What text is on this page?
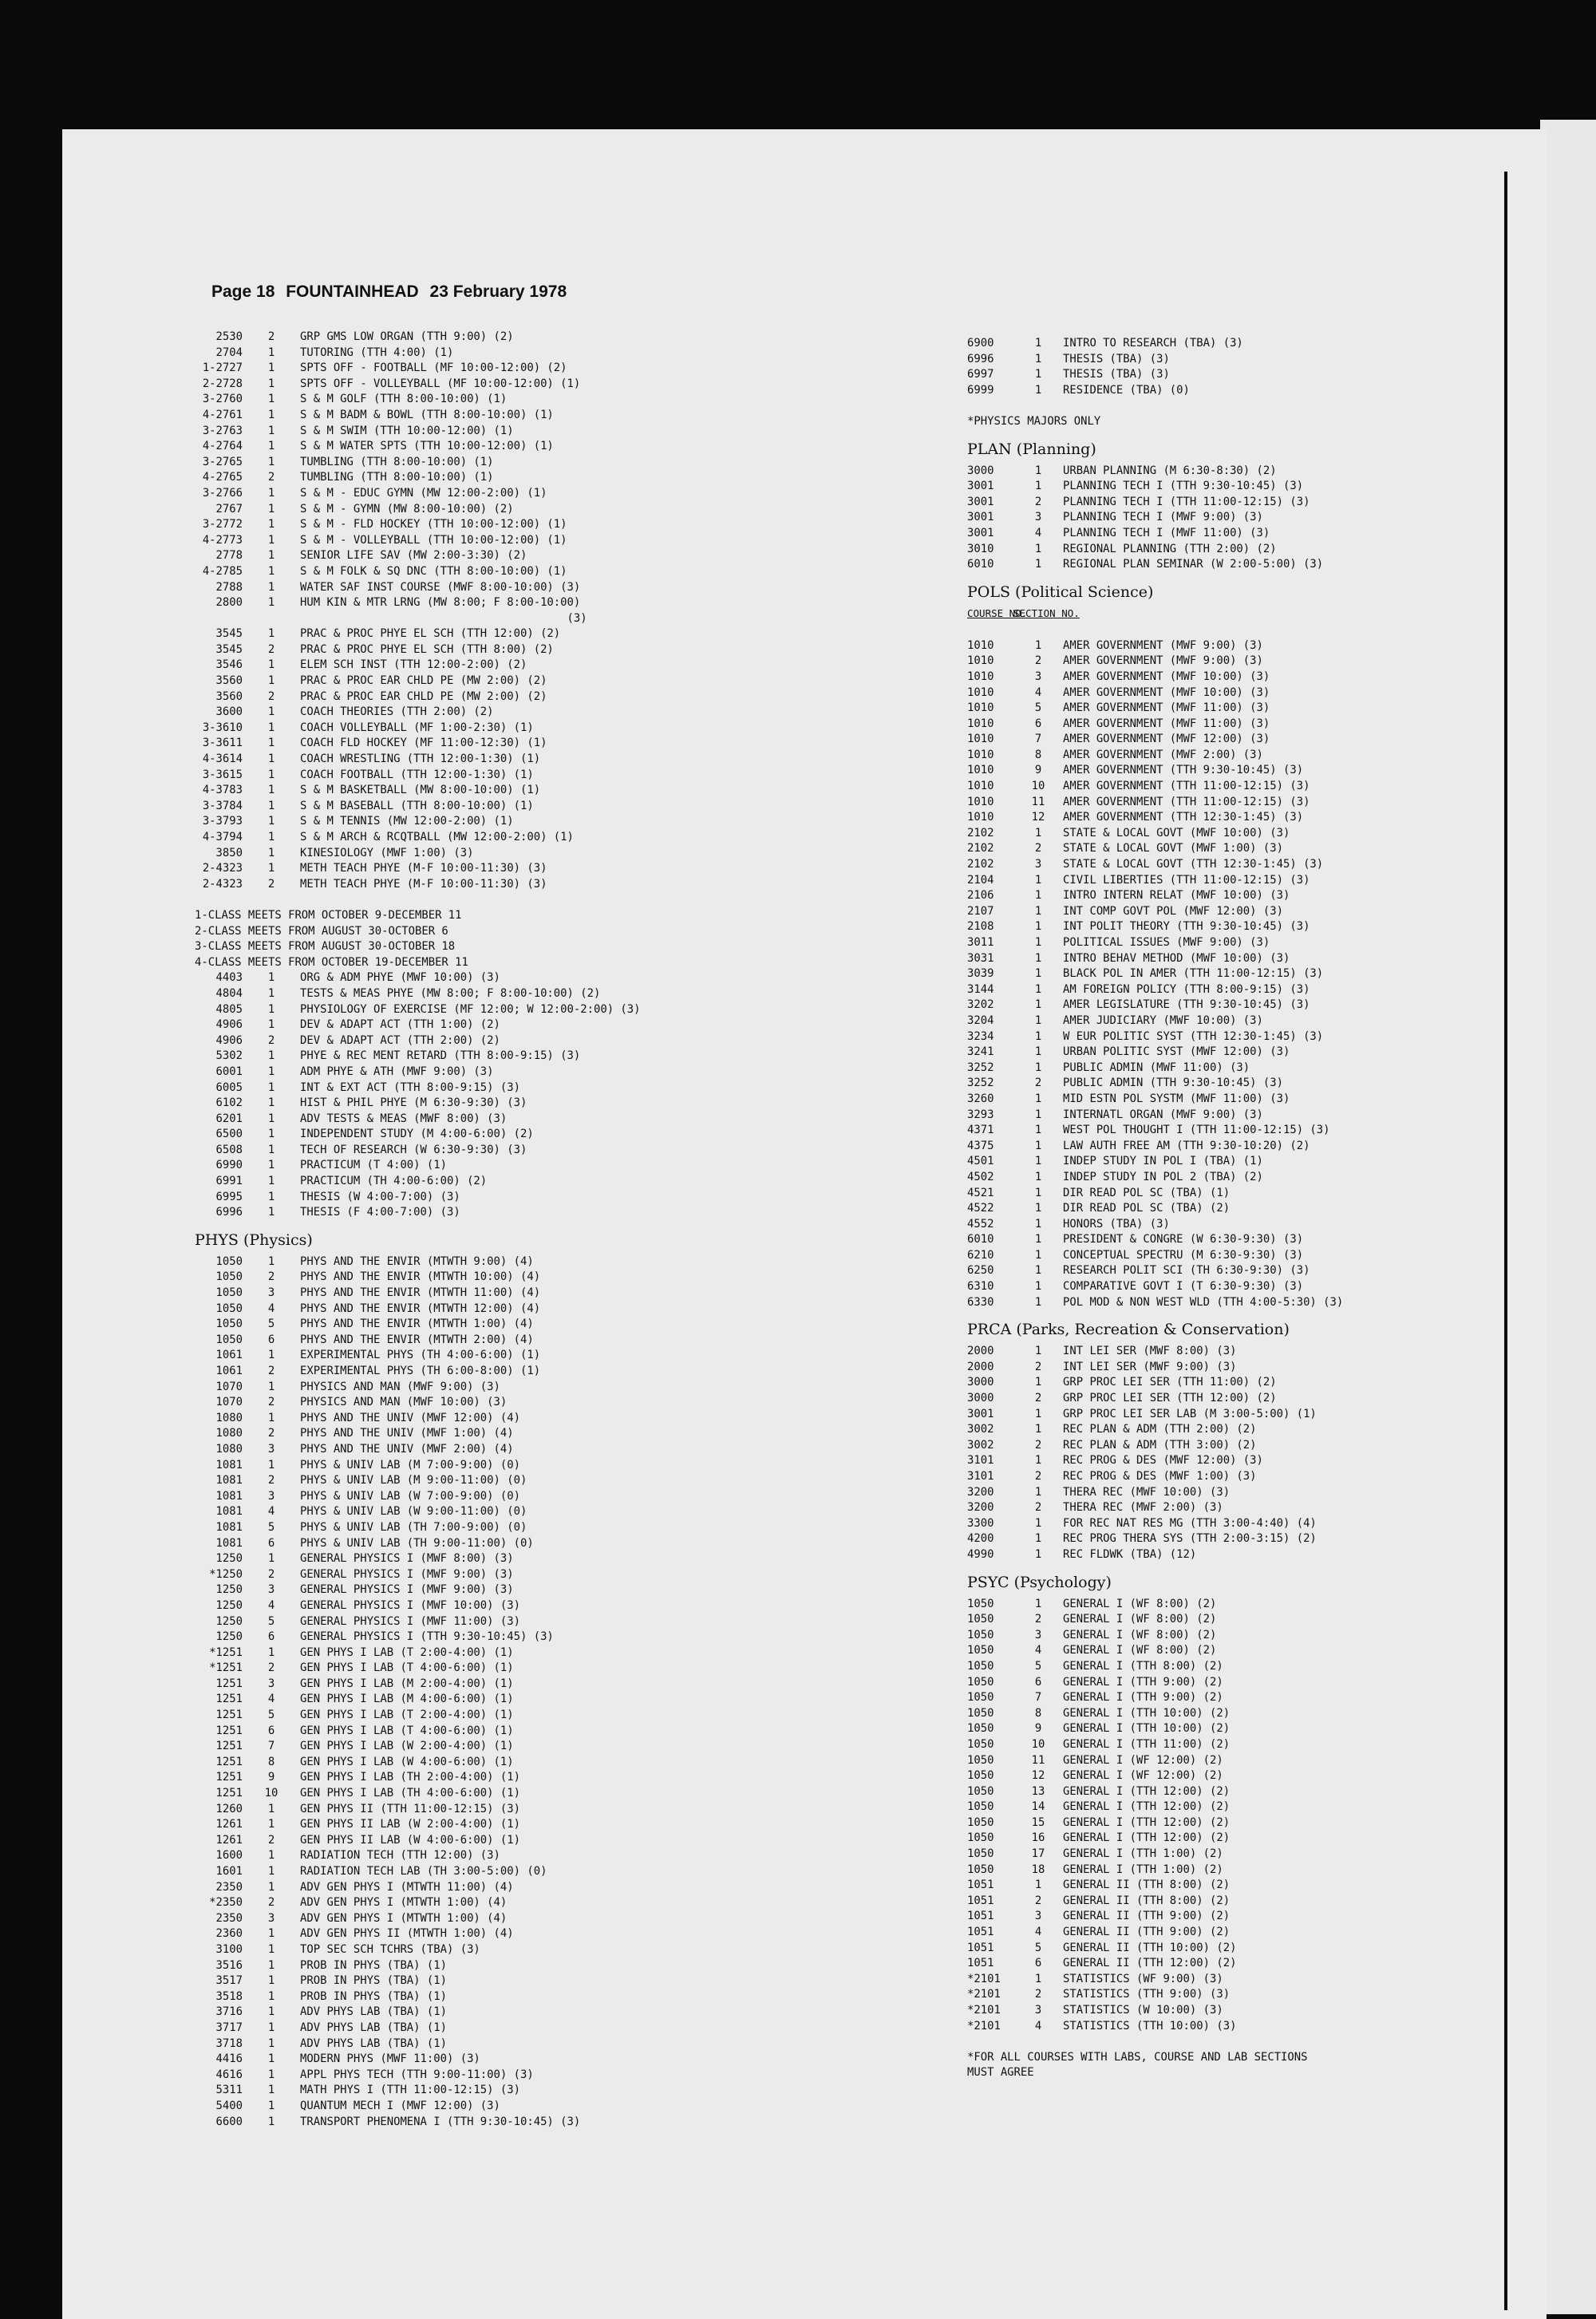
Page 18 FOUNTAINHEAD 23 February 1978
2530 2 GRP GMS LOW ORGAN (TTH 9:00) (2)
2704 1 TUTORING (TTH 4:00) (1)
1-2727 1 SPTS OFF - FOOTBALL (MF 10:00-12:00) (2)
2-2728 1 SPTS OFF - VOLLEYBALL (MF 10:00-12:00) (1)
3-2760 1 S & M GOLF (TTH 8:00-10:00) (1)
4-2761 1 S & M BADM & BOWL (TTH 8:00-10:00) (1)
3-2763 1 S & M SWIM (TTH 10:00-12:00) (1)
4-2764 1 S & M WATER SPTS (TTH 10:00-12:00) (1)
3-2765 1 TUMBLING (TTH 8:00-10:00) (1)
4-2765 2 TUMBLING (TTH 8:00-10:00) (1)
3-2766 1 S & M - EDUC GYMN (MW 12:00-2:00) (1)
2767 1 S & M - GYMN (MW 8:00-10:00) (2)
3-2772 1 S & M - FLD HOCKEY (TTH 10:00-12:00) (1)
4-2773 1 S & M - VOLLEYBALL (TTH 10:00-12:00) (1)
2778 1 SENIOR LIFE SAV (MW 2:00-3:30) (2)
4-2785 1 S & M FOLK & SQ DNC (TTH 8:00-10:00) (1)
2788 1 WATER SAF INST COURSE (MWF 8:00-10:00) (3)
2800 1 HUM KIN & MTR LRNG (MW 8:00; F 8:00-10:00)
(3)
3545 1 PRAC & PROC PHYE EL SCH (TTH 12:00) (2)
3545 2 PRAC & PROC PHYE EL SCH (TTH 8:00) (2)
3546 1 ELEM SCH INST (TTH 12:00-2:00) (2)
3560 1 PRAC & PROC EAR CHLD PE (MW 2:00) (2)
3560 2 PRAC & PROC EAR CHLD PE (MW 2:00) (2)
3600 1 COACH THEORIES (TTH 2:00) (2)
3-3610 1 COACH VOLLEYBALL (MF 1:00-2:30) (1)
3-3611 1 COACH FLD HOCKEY (MF 11:00-12:30) (1)
4-3614 1 COACH WRESTLING (TTH 12:00-1:30) (1)
3-3615 1 COACH FOOTBALL (TTH 12:00-1:30) (1)
4-3783 1 S & M BASKETBALL (MW 8:00-10:00) (1)
3-3784 1 S & M BASEBALL (TTH 8:00-10:00) (1)
3-3793 1 S & M TENNIS (MW 12:00-2:00) (1)
4-3794 1 S & M ARCH & RCQTBALL (MW 12:00-2:00) (1)
3850 1 KINESIOLOGY (MWF 1:00) (3)
2-4323 1 METH TEACH PHYE (M-F 10:00-11:30) (3)
2-4323 2 METH TEACH PHYE (M-F 10:00-11:30) (3)
1-CLASS MEETS FROM OCTOBER 9-DECEMBER 11
2-CLASS MEETS FROM AUGUST 30-OCTOBER 6
3-CLASS MEETS FROM AUGUST 30-OCTOBER 18
4-CLASS MEETS FROM OCTOBER 19-DECEMBER 11
4403 1 ORG & ADM PHYE (MWF 10:00) (3)
4804 1 TESTS & MEAS PHYE (MW 8:00; F 8:00-10:00) (2)
4805 1 PHYSIOLOGY OF EXERCISE (MF 12:00; W 12:00-2:00) (3)
4906 1 DEV & ADAPT ACT (TTH 1:00) (2)
4906 2 DEV & ADAPT ACT (TTH 2:00) (2)
5302 1 PHYE & REC MENT RETARD (TTH 8:00-9:15) (3)
6001 1 ADM PHYE & ATH (MWF 9:00) (3)
6005 1 INT & EXT ACT (TTH 8:00-9:15) (3)
6102 1 HIST & PHIL PHYE (M 6:30-9:30) (3)
6201 1 ADV TESTS & MEAS (MWF 8:00) (3)
6500 1 INDEPENDENT STUDY (M 4:00-6:00) (2)
6508 1 TECH OF RESEARCH (W 6:30-9:30) (3)
6990 1 PRACTICUM (T 4:00) (1)
6991 1 PRACTICUM (TH 4:00-6:00) (2)
6995 1 THESIS (W 4:00-7:00) (3)
6996 1 THESIS (F 4:00-7:00) (3)
PHYS (Physics)
1050 1 PHYS AND THE ENVIR (MTWTH 9:00) (4)
1050 2 PHYS AND THE ENVIR (MTWTH 10:00) (4)
1050 3 PHYS AND THE ENVIR (MTWTH 11:00) (4)
1050 4 PHYS AND THE ENVIR (MTWTH 12:00) (4)
1050 5 PHYS AND THE ENVIR (MTWTH 1:00) (4)
1050 6 PHYS AND THE ENVIR (MTWTH 2:00) (4)
1061 1 EXPERIMENTAL PHYS (TH 4:00-6:00) (1)
1061 2 EXPERIMENTAL PHYS (TH 6:00-8:00) (1)
1070 1 PHYSICS AND MAN (MWF 9:00) (3)
1070 2 PHYSICS AND MAN (MWF 10:00) (3)
1080 1 PHYS AND THE UNIV (MWF 12:00) (4)
1080 2 PHYS AND THE UNIV (MWF 1:00) (4)
1080 3 PHYS AND THE UNIV (MWF 2:00) (4)
1081 1 PHYS & UNIV LAB (M 7:00-9:00) (0)
1081 2 PHYS & UNIV LAB (M 9:00-11:00) (0)
1081 3 PHYS & UNIV LAB (W 7:00-9:00) (0)
1081 4 PHYS & UNIV LAB (W 9:00-11:00) (0)
1081 5 PHYS & UNIV LAB (TH 7:00-9:00) (0)
1081 6 PHYS & UNIV LAB (TH 9:00-11:00) (0)
1250 1 GENERAL PHYSICS I (MWF 8:00) (3)
*1250 2 GENERAL PHYSICS I (MWF 9:00) (3)
1250 3 GENERAL PHYSICS I (MWF 9:00) (3)
1250 4 GENERAL PHYSICS I (MWF 10:00) (3)
1250 5 GENERAL PHYSICS I (MWF 11:00) (3)
1250 6 GENERAL PHYSICS I (TTH 9:30-10:45) (3)
*1251 1 GEN PHYS I LAB (T 2:00-4:00) (1)
*1251 2 GEN PHYS I LAB (T 4:00-6:00) (1)
1251 3 GEN PHYS I LAB (M 2:00-4:00) (1)
1251 4 GEN PHYS I LAB (M 4:00-6:00) (1)
1251 5 GEN PHYS I LAB (T 2:00-4:00) (1)
1251 6 GEN PHYS I LAB (T 4:00-6:00) (1)
1251 7 GEN PHYS I LAB (W 2:00-4:00) (1)
1251 8 GEN PHYS I LAB (W 4:00-6:00) (1)
1251 9 GEN PHYS I LAB (TH 2:00-4:00) (1)
1251 10 GEN PHYS I LAB (TH 4:00-6:00) (1)
1260 1 GEN PHYS II (TTH 11:00-12:15) (3)
1261 1 GEN PHYS II LAB (W 2:00-4:00) (1)
1261 2 GEN PHYS II LAB (W 4:00-6:00) (1)
1600 1 RADIATION TECH (TTH 12:00) (3)
1601 1 RADIATION TECH LAB (TH 3:00-5:00) (0)
2350 1 ADV GEN PHYS I (MTWTH 11:00) (4)
*2350 2 ADV GEN PHYS I (MTWTH 1:00) (4)
2350 3 ADV GEN PHYS I (MTWTH 1:00) (4)
2360 1 ADV GEN PHYS II (MTWTH 1:00) (4)
3100 1 TOP SEC SCH TCHRS (TBA) (3)
3516 1 PROB IN PHYS (TBA) (1)
3517 1 PROB IN PHYS (TBA) (1)
3518 1 PROB IN PHYS (TBA) (1)
3716 1 ADV PHYS LAB (TBA) (1)
3717 1 ADV PHYS LAB (TBA) (1)
3718 1 ADV PHYS LAB (TBA) (1)
4416 1 MODERN PHYS (MWF 11:00) (3)
4616 1 APPL PHYS TECH (TTH 9:00-11:00) (3)
5311 1 MATH PHYS I (TTH 11:00-12:15) (3)
5400 1 QUANTUM MECH I (MWF 12:00) (3)
6600 1 TRANSPORT PHENOMENA I (TTH 9:30-10:45) (3)
6900	1 INTRO TO RESEARCH (TBA) (3)
6996	1 THESIS (TBA) (3)
6997	1 THESIS (TBA) (3)
6999	1 RESIDENCE (TBA) (0)
*PHYSICS MAJORS ONLY
PLAN (Planning)
3000	1 URBAN PLANNING (M 6:30-8:30) (2)
3001	1 PLANNING TECH I (TTH 9:30-10:45) (3)
3001	2 PLANNING TECH I (TTH 11:00-12:15) (3)
3001	3 PLANNING TECH I (MWF 9:00) (3)
3001	4 PLANNING TECH I (MWF 11:00) (3)
3010	1 REGIONAL PLANNING (TTH 2:00) (2)
6010	1 REGIONAL PLAN SEMINAR (W 2:00-5:00) (3)
POLS (Political Science)
COURSE NO.SECTION NO.
1010	1 AMER GOVERNMENT (MWF 9:00) (3)
1010	2 AMER GOVERNMENT (MWF 9:00) (3)
1010	3 AMER GOVERNMENT (MWF 10:00) (3)
1010	4 AMER GOVERNMENT (MWF 10:00) (3)
1010	5 AMER GOVERNMENT (MWF 11:00) (3)
1010	6 AMER GOVERNMENT (MWF 11:00) (3)
1010	7 AMER GOVERNMENT (MWF 12:00) (3)
1010	8 AMER GOVERNMENT (MWF 2:00) (3)
1010	9 AMER GOVERNMENT (TTH 9:30-10:45) (3)
1010	10 AMER GOVERNMENT (TTH 11:00-12:15) (3)
1010	11 AMER GOVERNMENT (TTH 11:00-12:15) (3)
1010	12 AMER GOVERNMENT (TTH 12:30-1:45) (3)
2102	1 STATE & LOCAL GOVT (MWF 10:00) (3)
2102	2 STATE & LOCAL GOVT (MWF 1:00) (3)
2102	3 STATE & LOCAL GOVT (TTH 12:30-1:45) (3)
2104	1 CIVIL LIBERTIES (TTH 11:00-12:15) (3)
2106	1 INTRO INTERN RELAT (MWF 10:00) (3)
2107	1 INT COMP GOVT POL (MWF 12:00) (3)
2108	1 INT POLIT THEORY (TTH 9:30-10:45) (3)
3011	1 POLITICAL ISSUES (MWF 9:00) (3)
3031	1 INTRO BEHAV METHOD (MWF 10:00) (3)
3039	1 BLACK POL IN AMER (TTH 11:00-12:15) (3)
3144	1 AM FOREIGN POLICY (TTH 8:00-9:15) (3)
3202	1 AMER LEGISLATURE (TTH 9:30-10:45) (3)
3204	1 AMER JUDICIARY (MWF 10:00) (3)
3234	1 W EUR POLITIC SYST (TTH 12:30-1:45) (3)
3241	1 URBAN POLITIC SYST (MWF 12:00) (3)
3252	1 PUBLIC ADMIN (MWF 11:00) (3)
3252	2 PUBLIC ADMIN (TTH 9:30-10:45) (3)
3260	1 MID ESTN POL SYSTM (MWF 11:00) (3)
3293	1 INTERNATL ORGAN (MWF 9:00) (3)
4371	1 WEST POL THOUGHT I (TTH 11:00-12:15) (3)
4375	1 LAW AUTH FREE AM (TTH 9:30-10:20) (2)
4501	1 INDEP STUDY IN POL I (TBA) (1)
4502	1 INDEP STUDY IN POL 2 (TBA) (2)
4521	1 DIR READ POL SC (TBA) (1)
4522	1 DIR READ POL SC (TBA) (2)
4552	1 HONORS (TBA) (3)
6010	1 PRESIDENT & CONGRE (W 6:30-9:30) (3)
6210	1 CONCEPTUAL SPECTRU (M 6:30-9:30) (3)
6250	1 RESEARCH POLIT SCI (TH 6:30-9:30) (3)
6310	1 COMPARATIVE GOVT I (T 6:30-9:30) (3)
6330	1 POL MOD & NON WEST WLD (TTH 4:00-5:30) (3)
PRCA (Parks, Recreation & Conservation)
2000	1 INT LEI SER (MWF 8:00) (3)
2000	2 INT LEI SER (MWF 9:00) (3)
3000	1 GRP PROC LEI SER (TTH 11:00) (2)
3000	2 GRP PROC LEI SER (TTH 12:00) (2)
3001	1 GRP PROC LEI SER LAB (M 3:00-5:00) (1)
3002	1 REC PLAN & ADM (TTH 2:00) (2)
3002	2 REC PLAN & ADM (TTH 3:00) (2)
3101	1 REC PROG & DES (MWF 12:00) (3)
3101	2 REC PROG & DES (MWF 1:00) (3)
3200	1 THERA REC (MWF 10:00) (3)
3200	2 THERA REC (MWF 2:00) (3)
3300	1 FOR REC NAT RES MG (TTH 3:00-4:40) (4)
4200	1 REC PROG THERA SYS (TTH 2:00-3:15) (2)
4990	1 REC FLDWK (TBA) (12)
PSYC (Psychology)
1050	1 GENERAL I (WF 8:00) (2)
1050	2 GENERAL I (WF 8:00) (2)
1050	3 GENERAL I (WF 8:00) (2)
1050	4 GENERAL I (WF 8:00) (2)
1050	5 GENERAL I (TTH 8:00) (2)
1050	6 GENERAL I (TTH 9:00) (2)
1050	7 GENERAL I (TTH 9:00) (2)
1050	8 GENERAL I (TTH 10:00) (2)
1050	9 GENERAL I (TTH 10:00) (2)
1050	10 GENERAL I (TTH 11:00) (2)
1050	11 GENERAL I (WF 12:00) (2)
1050	12 GENERAL I (WF 12:00) (2)
1050	13 GENERAL I (TTH 12:00) (2)
1050	14 GENERAL I (TTH 12:00) (2)
1050	15 GENERAL I (TTH 12:00) (2)
1050	16 GENERAL I (TTH 12:00) (2)
1050	17 GENERAL I (TTH 1:00) (2)
1050	18 GENERAL I (TTH 1:00) (2)
1051	1 GENERAL II (TTH 8:00) (2)
1051	2 GENERAL II (TTH 8:00) (2)
1051	3 GENERAL II (TTH 9:00) (2)
1051	4 GENERAL II (TTH 9:00) (2)
1051	5 GENERAL II (TTH 10:00) (2)
1051	6 GENERAL II (TTH 12:00) (2)
*2101	1 STATISTICS (WF 9:00) (3)
*2101	2 STATISTICS (TTH 9:00) (3)
*2101	3 STATISTICS (W 10:00) (3)
*2101	4 STATISTICS (TTH 10:00) (3)
*FOR ALL COURSES WITH LABS, COURSE AND LAB SECTIONS
MUST AGREE
